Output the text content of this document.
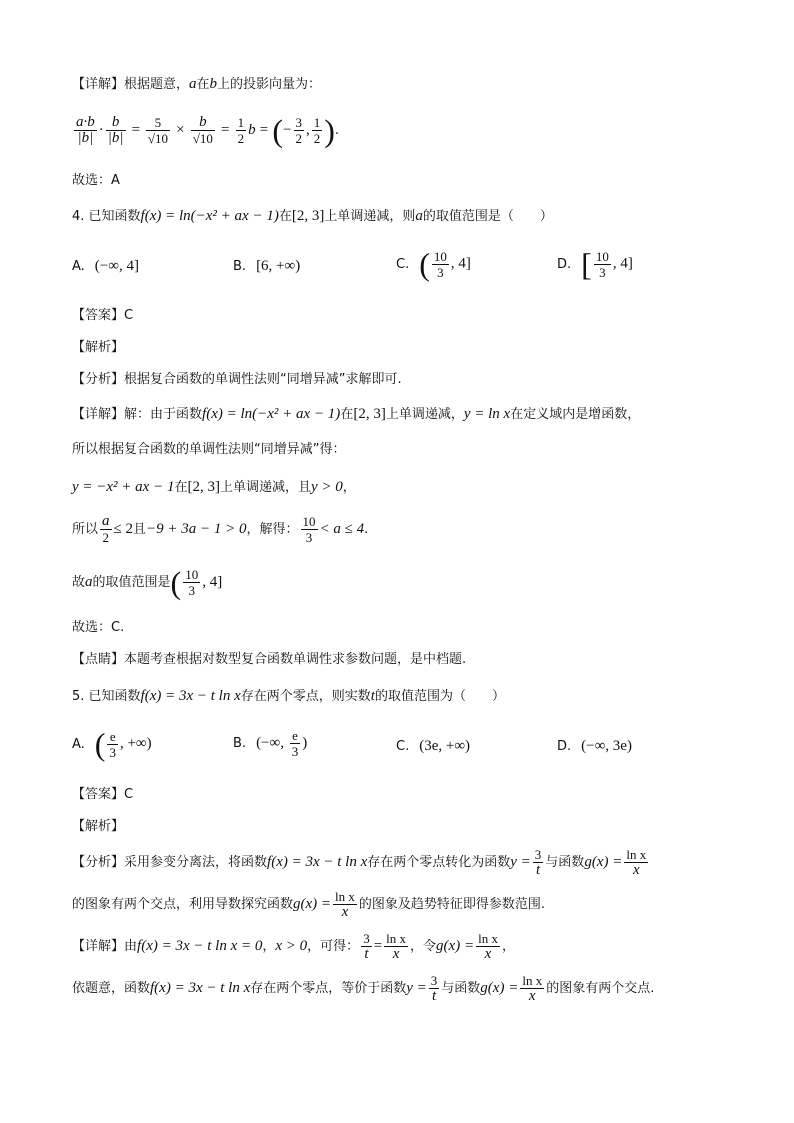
【详解】根据题意，a在b上的投影向量为：
$\frac{a\cdot b}{|b|} \cdot \frac{b}{|b|} = \frac{5}{√10} \times \frac{b}{√10} = \frac{1}{2}$ b = (− $\frac{3}{2}$ , $\frac{1}{2}$ ).
故选：A
4. 已知函数f(x) = ln(−x² + ax − 1)在[2, 3]上单调递减，则a的取值范围是（　　）
A. (−∞, 4]	B. [6, +∞)	C. ( $\frac{10}{3}$ , 4]	D. [ $\frac{10}{3}$ , 4]
【答案】C
【解析】
【分析】根据复合函数的单调性法则“同增异减”求解即可.
【详解】解：由于函数f(x) = ln(−x² + ax − 1)在[2, 3]上单调递减，y = ln x在定义域内是增函数，
所以根据复合函数的单调性法则“同增异减”得：
y = −x² + ax − 1在[2, 3]上单调递减，且y > 0，
所以 $\frac{a}{2} \le 2$且−9 + 3a − 1 > 0，解得： $\frac{10}{3} < a \le 4$.
故a的取值范围是( $\frac{10}{3}$ , 4]
故选：C.
【点睛】本题考查根据对数型复合函数单调性求参数问题，是中档题.
5. 已知函数f(x) = 3x − t ln x存在两个零点，则实数t的取值范围为（　　）
A. ( $\frac{e}{3}$ , +∞)	B. (−∞, $\frac{e}{3}$ )	C. (3e, +∞)	D. (−∞, 3e)
【答案】C
【解析】
【分析】采用参变分离法，将函数f(x) = 3x − t ln x存在两个零点转化为函数$y = \frac{3}{t}$ 与函数$g(x) = \frac{\text{ln x}}{x}$
的图象有两个交点，利用导数探究函数$g(x) = \frac{\text{ln x}}{x}$ 的图象及趋势特征即得参数范围.
【详解】由f(x) = 3x − t ln x = 0，x > 0，可得： $\frac{3}{t} = \frac{\text{ln x}}{x}$ ，令$g(x) = \frac{\text{ln x}}{x}$ ，
依题意，函数f(x) = 3x − t ln x存在两个零点，等价于函数$y = \frac{3}{t}$ 与函数$g(x) = \frac{\text{ln x}}{x}$ 的图象有两个交点.
